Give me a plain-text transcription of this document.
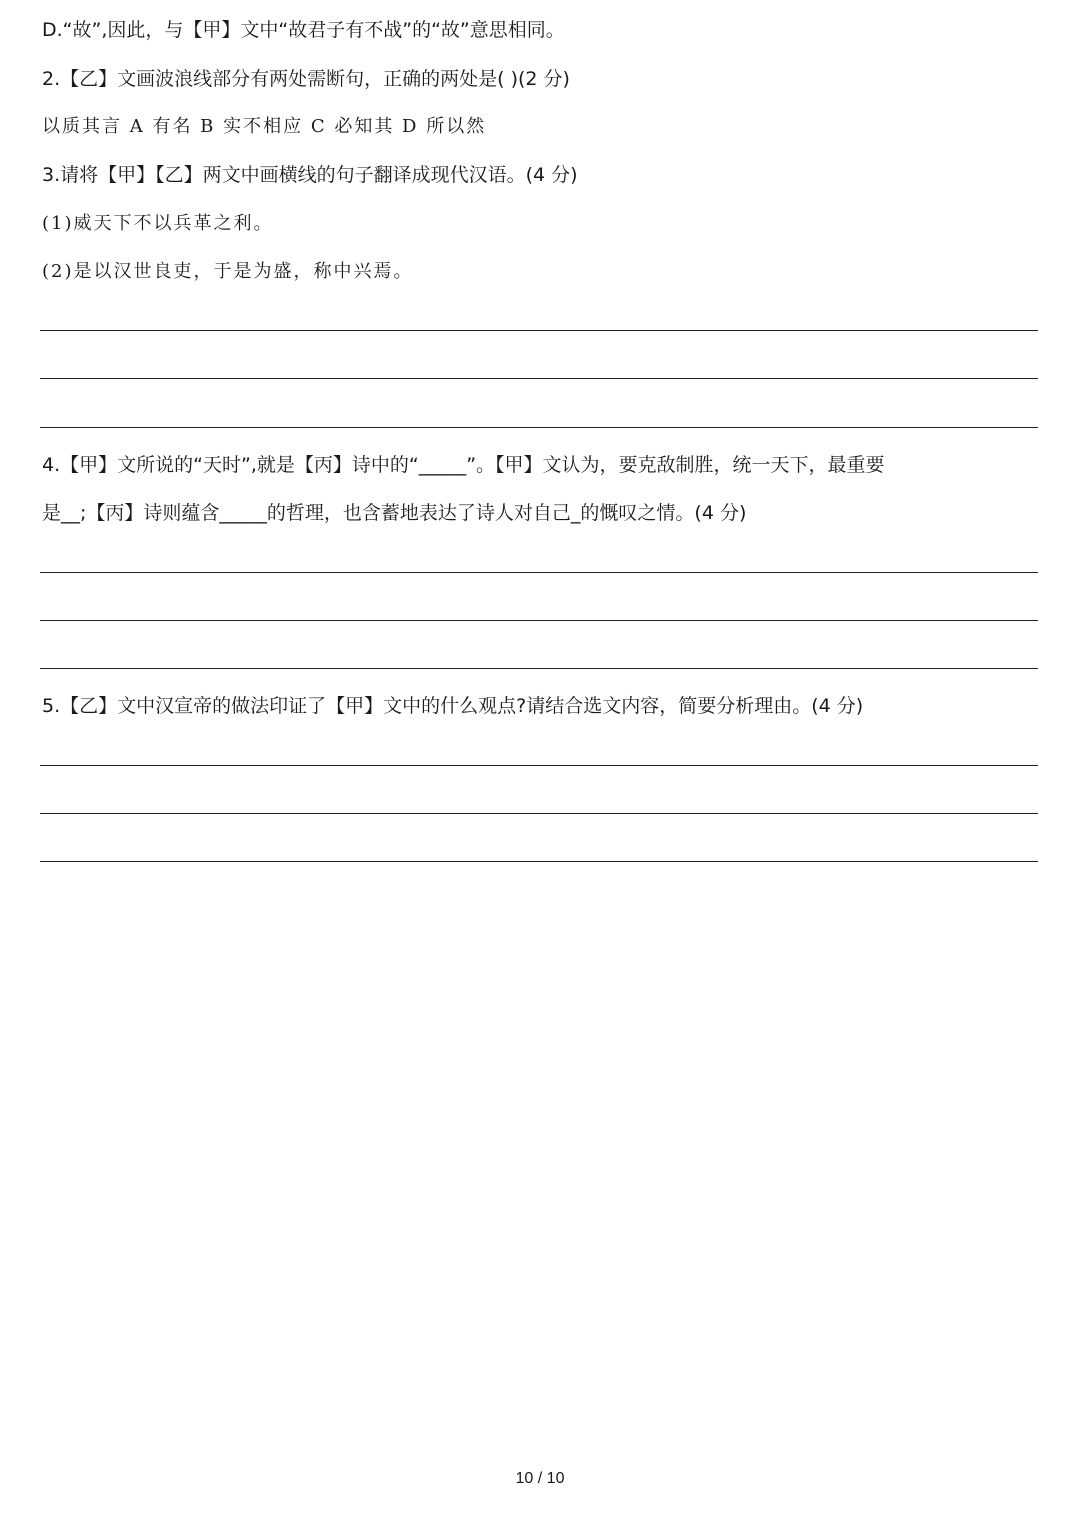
D.“故”,因此，与【甲】文中“故君子有不战”的“故”意思相同。
2.【乙】文画波浪线部分有两处需断句，正确的两处是( )(2 分)
以质其言 A 有名 B 实不相应 C 必知其 D 所以然
3.请将【甲】【乙】两文中画横线的句子翻译成现代汉语。(4 分)
(1)威天下不以兵革之利。
(2)是以汉世良吏，于是为盛，称中兴焉。
4.【甲】文所说的“天时”,就是【丙】诗中的“_____”。【甲】文认为，要克敌制胜，统一天下，最重要
是__;【丙】诗则蕴含_____的哲理，也含蓄地表达了诗人对自己_的慨叹之情。(4 分)
5.【乙】文中汉宣帝的做法印证了【甲】文中的什么观点?请结合选文内容，简要分析理由。(4 分)
10 / 10
